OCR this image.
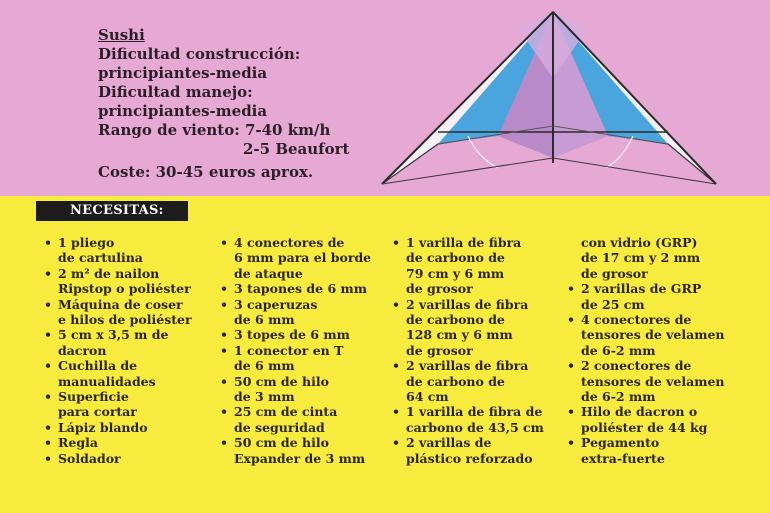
Sushi
Dificultad construcción:
principiantes-media
Dificultad manejo:
principiantes-media
Rango de viento: 7-40 km/h
2-5 Beaufort
Coste: 30-45 euros aprox.
NECESITAS:
• 1 pliego
de cartulina
• 2 m² de nailon
Ripstop o poliéster
• Máquina de coser
e hilos de poliéster
• 5 cm x 3,5 m de
dacron
• Cuchilla de
manualidades
• Superficie
para cortar
• Lápiz blando
• Regla
• Soldador
• 4 conectores de
6 mm para el borde
de ataque
• 3 tapones de 6 mm
• 3 caperuzas
de 6 mm
• 3 topes de 6 mm
• 1 conector en T
de 6 mm
• 50 cm de hilo
de 3 mm
• 25 cm de cinta
de seguridad
• 50 cm de hilo
Expander de 3 mm
• 1 varilla de fibra
de carbono de
79 cm y 6 mm
de grosor
• 2 varillas de fibra
de carbono de
128 cm y 6 mm
de grosor
• 2 varillas de fibra
de carbono de
64 cm
• 1 varilla de fibra de
carbono de 43,5 cm
• 2 varillas de
plástico reforzado
con vidrio (GRP)
de 17 cm y 2 mm
de grosor
• 2 varillas de GRP
de 25 cm
• 4 conectores de
tensores de velamen
de 6-2 mm
• 2 conectores de
tensores de velamen
de 6-2 mm
• Hilo de dacron o
poliéster de 44 kg
• Pegamento
extra-fuerte
